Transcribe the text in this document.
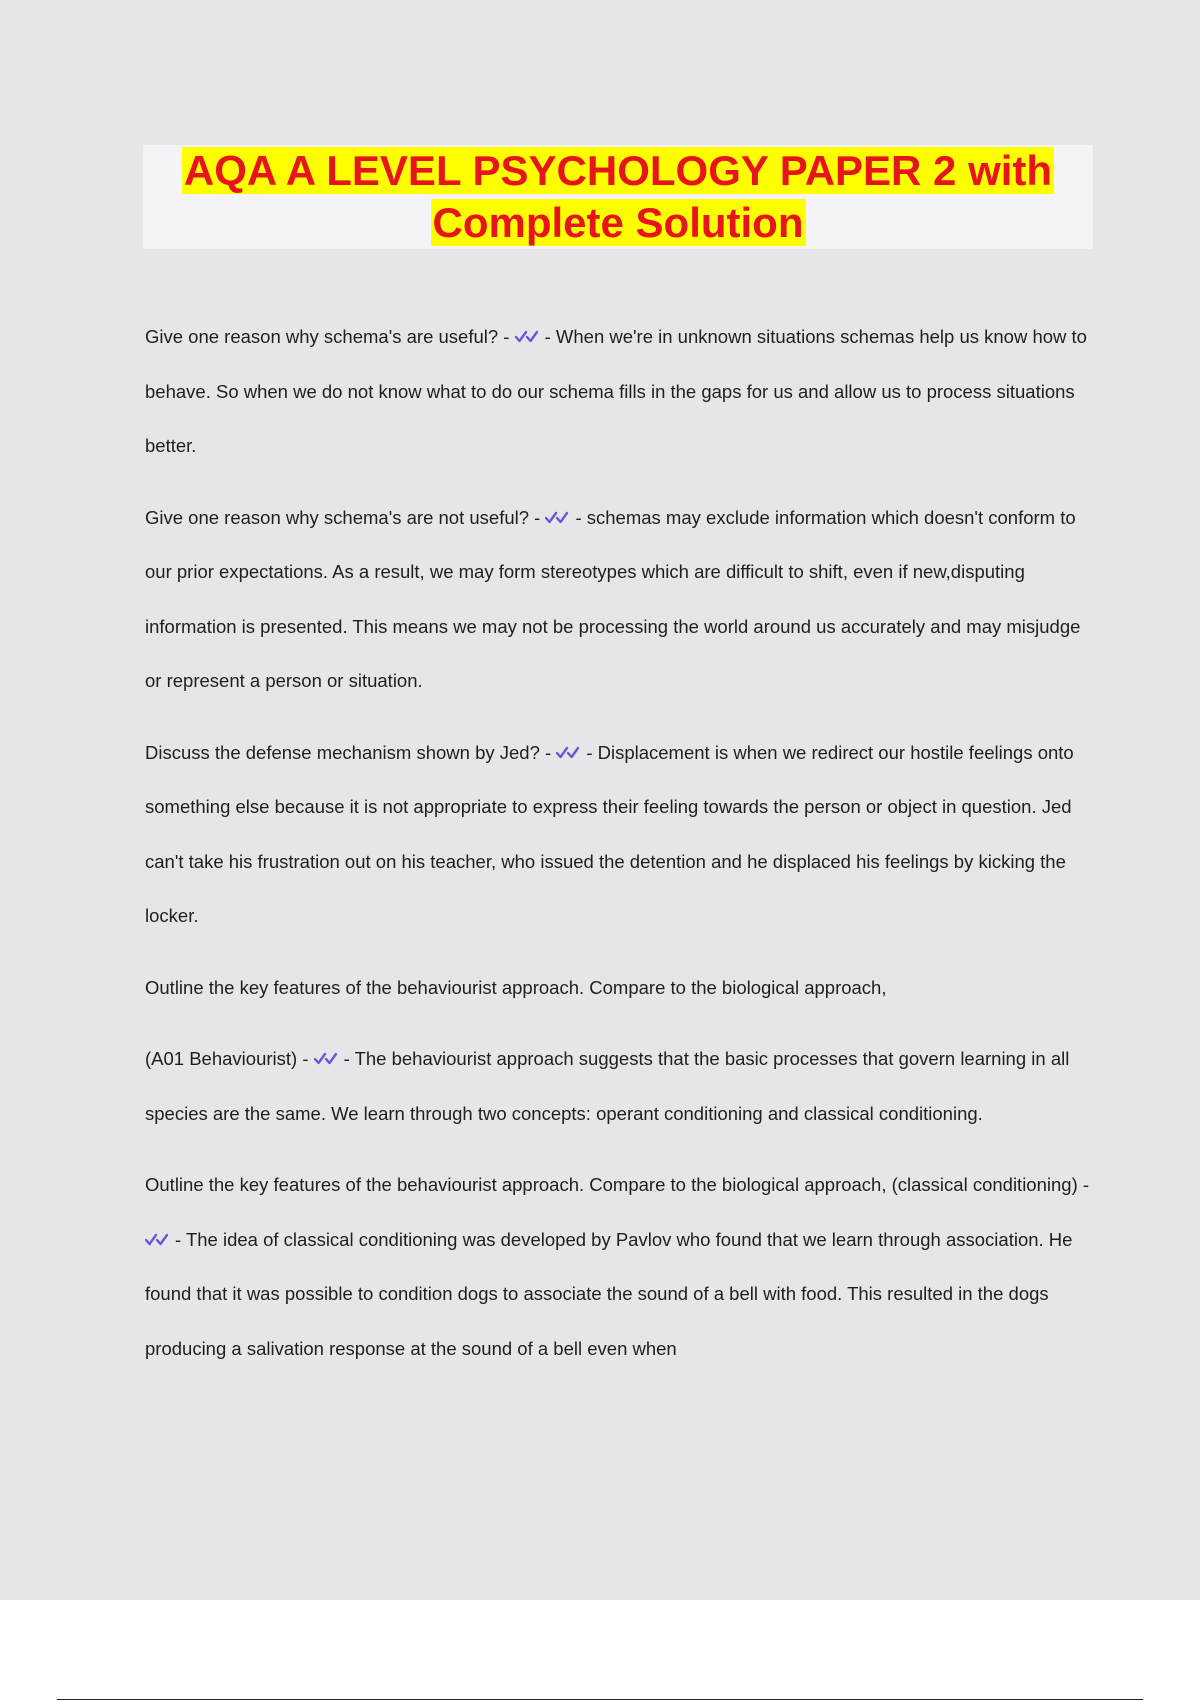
AQA A LEVEL PSYCHOLOGY PAPER 2 with
Complete Solution

Give one reason why schema's are useful? -
- When we're in unknown situations schemas help us know how to behave. So when we do not know what to do our schema fills in the gaps for us and allow us to process situations better.

Give one reason why schema's are not useful? -
- schemas may exclude information which doesn't conform to our prior expectations. As a result, we may form stereotypes which are difficult to shift, even if new,disputing information is presented. This means we may not be processing the world around us accurately and may misjudge or represent a person or situation.

Discuss the defense mechanism shown by Jed? -
- Displacement is when we redirect our hostile feelings onto something else because it is not appropriate to express their feeling towards the person or object in question. Jed can't take his frustration out on his teacher, who issued the detention and he displaced his feelings by kicking the locker.

Outline the key features of the behaviourist approach. Compare to the biological approach,

(A01 Behaviourist) -
- The behaviourist approach suggests that the basic processes that govern learning in all species are the same. We learn through two concepts: operant conditioning and classical conditioning.

Outline the key features of the behaviourist approach. Compare to the biological approach, (classical conditioning) -
- The idea of classical conditioning was developed by Pavlov who found that we learn through association. He found that it was possible to condition dogs to associate the sound of a bell with food. This resulted in the dogs producing a salivation response at the sound of a bell even when
